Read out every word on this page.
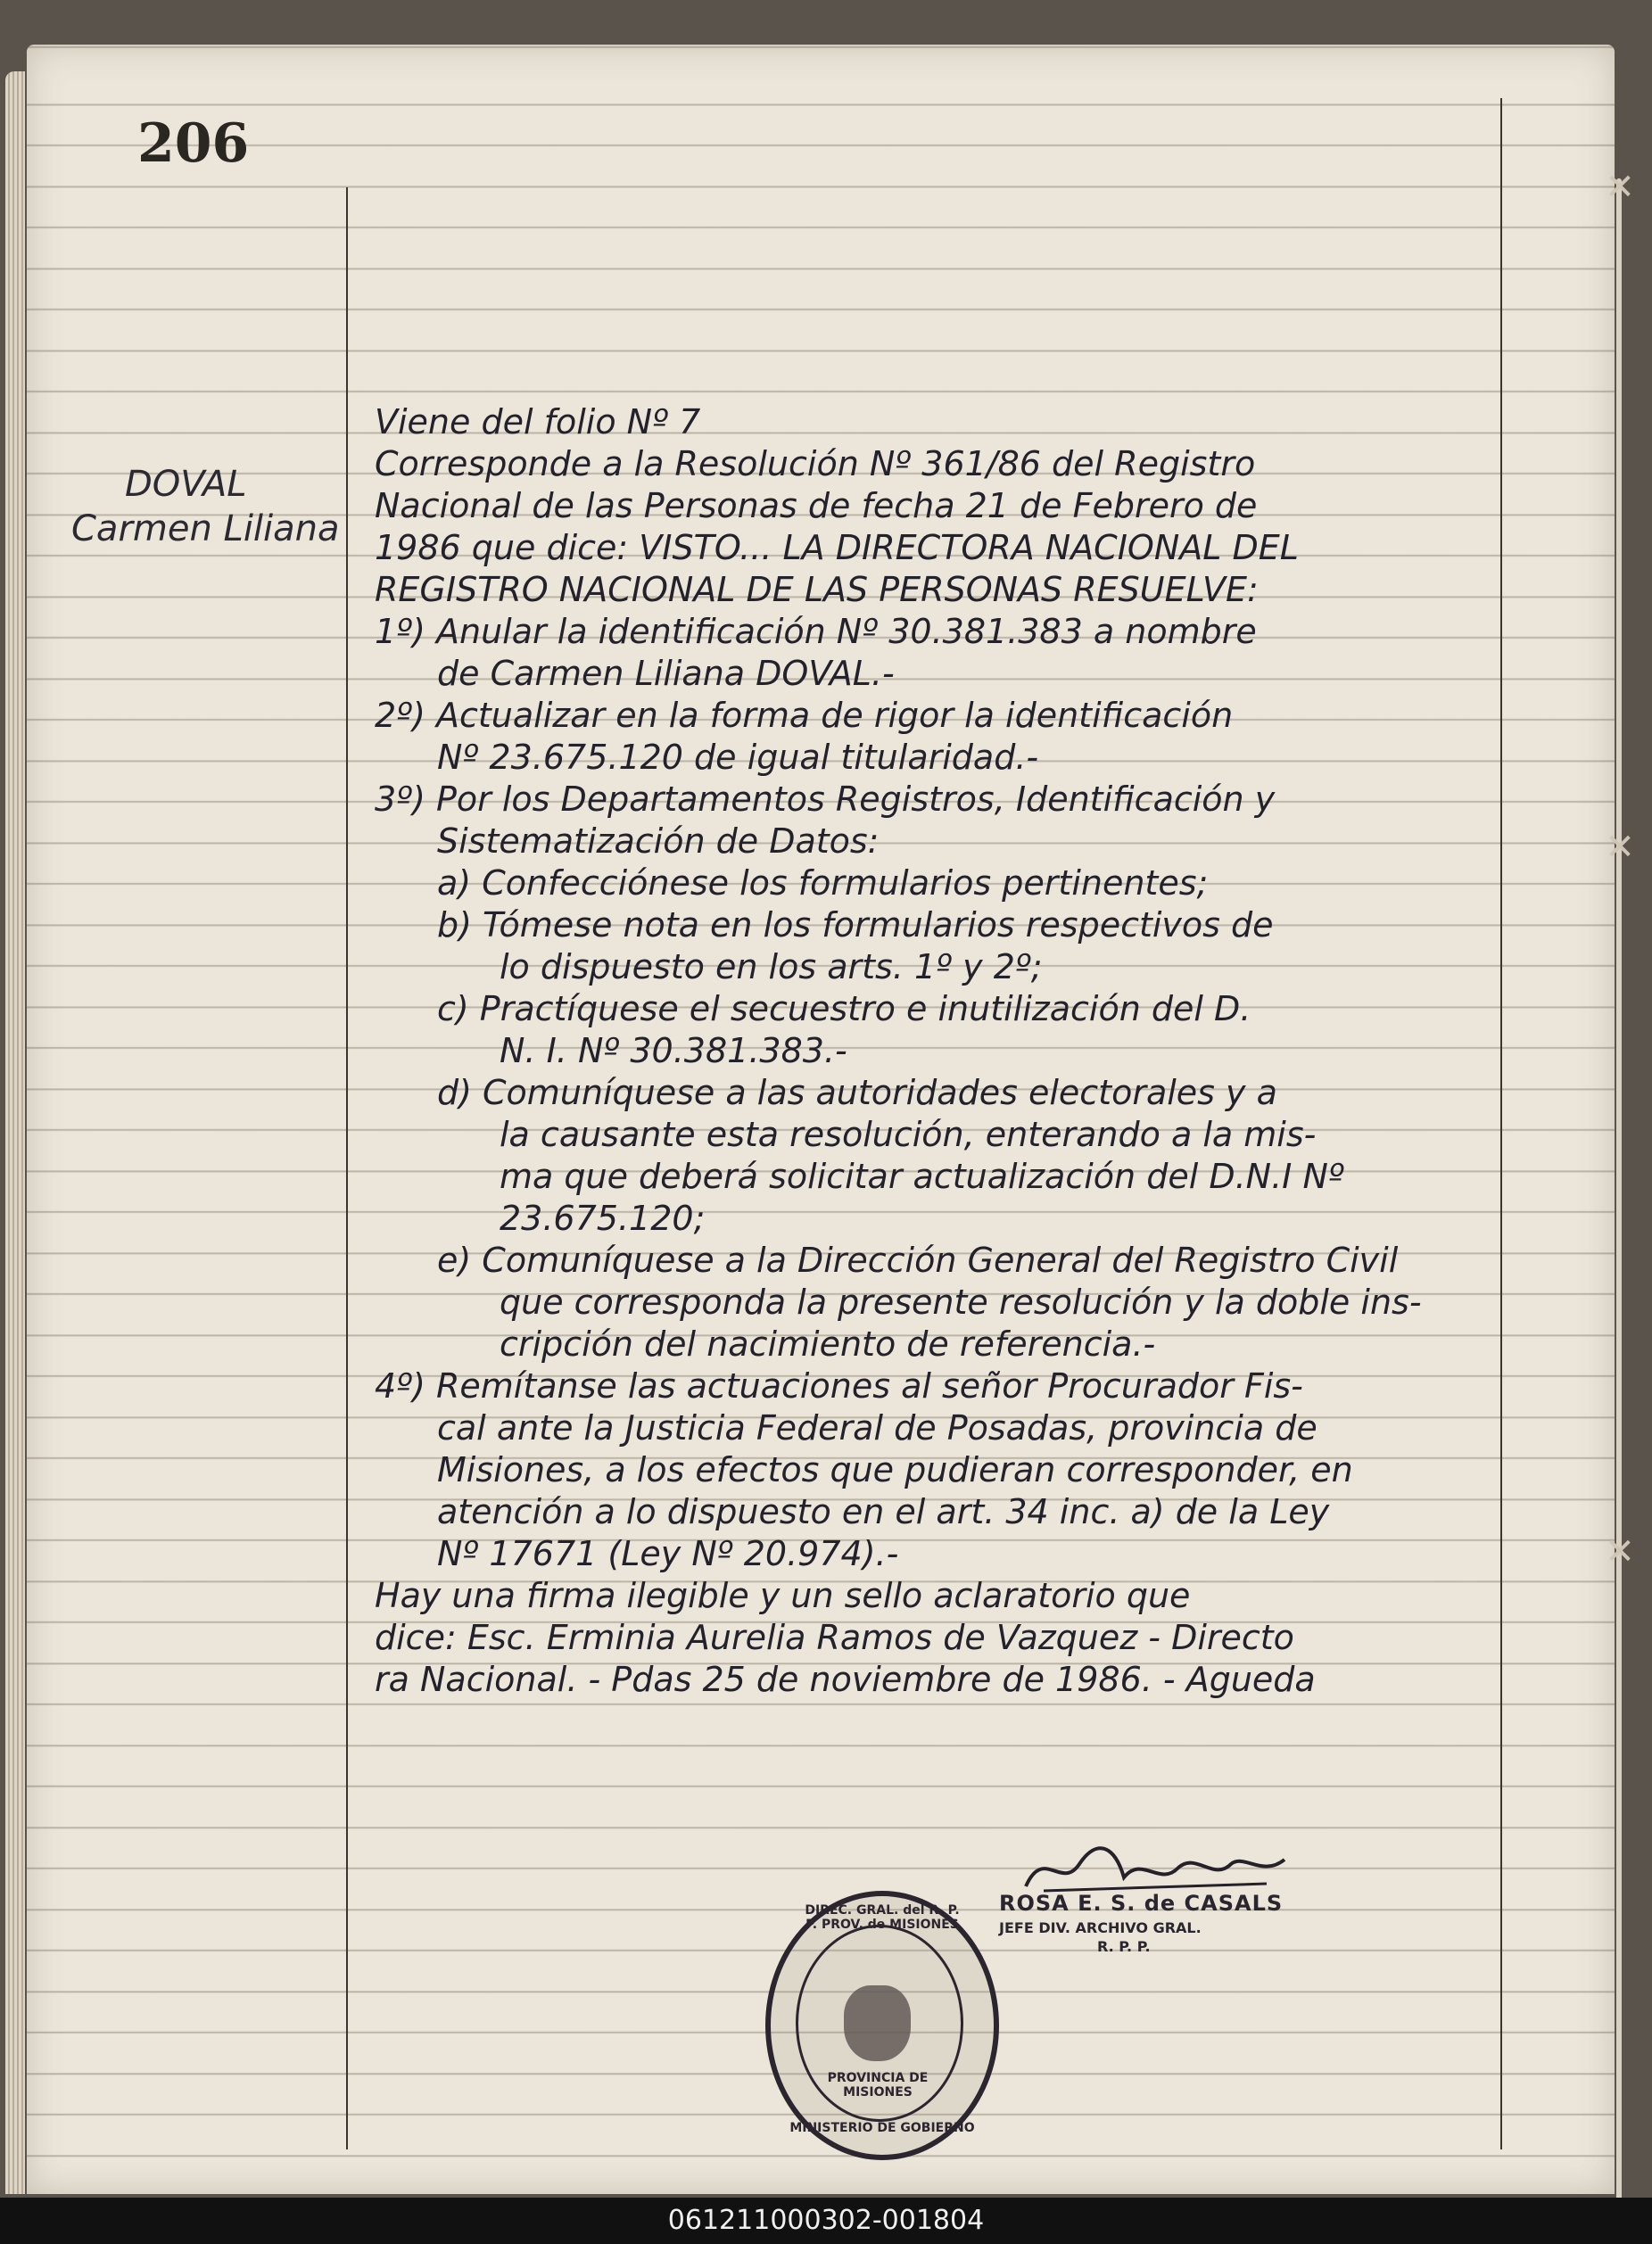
206
DOVAL
Carmen Liliana
Viene del folio Nº 7
Corresponde a la Resolución Nº 361/86 del Registro
Nacional de las Personas de fecha 21 de Febrero de
1986 que dice: VISTO... LA DIRECTORA NACIONAL DEL
REGISTRO NACIONAL DE LAS PERSONAS RESUELVE:
1º) Anular la identificación Nº 30.381.383 a nombre
de Carmen Liliana DOVAL.-
2º) Actualizar en la forma de rigor la identificación
Nº 23.675.120 de igual titularidad.-
3º) Por los Departamentos Registros, Identificación y
Sistematización de Datos:
a) Confecciónese los formularios pertinentes;
b) Tómese nota en los formularios respectivos de
lo dispuesto en los arts. 1º y 2º;
c) Practíquese el secuestro e inutilización del D.
N. I. Nº 30.381.383.-
d) Comuníquese a las autoridades electorales y a
la causante esta resolución, enterando a la mis-
ma que deberá solicitar actualización del D.N.I Nº
23.675.120;
e) Comuníquese a la Dirección General del Registro Civil
que corresponda la presente resolución y la doble ins-
cripción del nacimiento de referencia.-
4º) Remítanse las actuaciones al señor Procurador Fis-
cal ante la Justicia Federal de Posadas, provincia de
Misiones, a los efectos que pudieran corresponder, en
atención a lo dispuesto en el art. 34 inc. a) de la Ley
Nº 17671 (Ley Nº 20.974).-
Hay una firma ilegible y un sello aclaratorio que
dice: Esc. Erminia Aurelia Ramos de Vazquez - Directo
ra Nacional. - Pdas 25 de noviembre de 1986. - Agueda
DIREC. GRAL. del R. P. P. PROV. de MISIONES
PROVINCIA DE MISIONES
MINISTERIO DE GOBIERNO
ROSA E. S. de CASALS
JEFE DIV. ARCHIVO GRAL.
R. P. P.
✕
✕
✕
061211000302-001804
